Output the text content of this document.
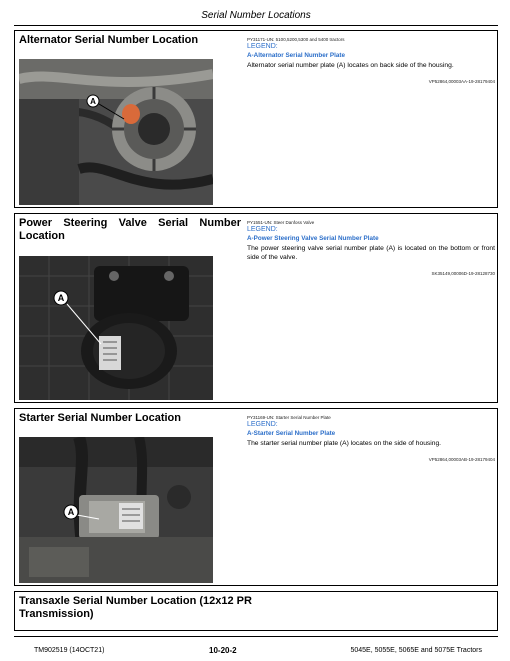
Serial Number Locations
Alternator Serial Number Location
A
PY31171-UN: 5100,5200,5300 and 5400 tractors
LEGEND:
A-Alternator Serial Number Plate
Alternator serial number plate (A) locates on back side of the housing.
VP52864,00003AA-19-28179404
Power Steering Valve Serial Number Location
A
PY1551-UN: Steer Danfoss Valve
LEGEND:
A-Power Steering Valve Serial Number Plate
The power steering valve serial number plate (A) is located on the bottom or front side of the valve.
SK35149,00006D-19-28128730
Starter Serial Number Location
A
PY31169-UN: Starter Serial Number Plate
LEGEND:
A-Starter Serial Number Plate
The starter serial number plate (A) locates on the side of housing.
VP52864,00003AB-19-28179404
Transaxle Serial Number Location (12x12 PR Transmission)
TM902519 (14OCT21)	10-20-2	5045E, 5055E, 5065E and 5075E Tractors
